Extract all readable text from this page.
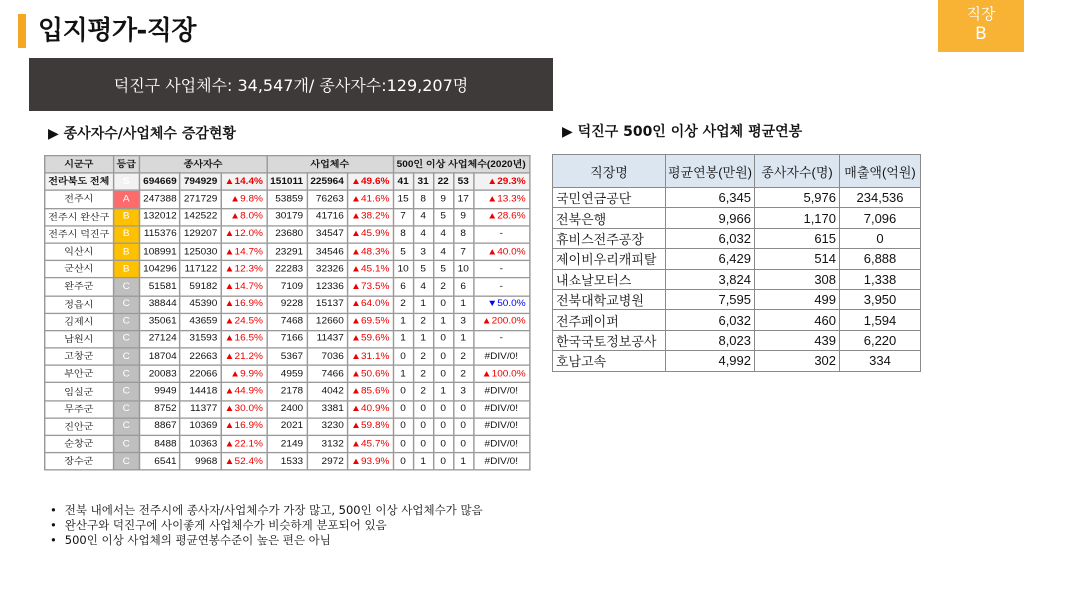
입지평가-직장
직장
B
덕진구 사업체수: 34,547개/ 종사자수:129,207명
▶ 종사자수/사업체수 증감현황	▶ 덕진구 500인 이상 사업체 평균연봉
시군구	등급	종사자수			사업체수			500인 이상 사업체수(2020년)				
전라북도 전체	S	694669	794929	▲14.4%	151011	225964	▲49.6%	41	31	22	53	▲29.3%
전주시	A	247388	271729	▲9.8%	53859	76263	▲41.6%	15	8	9	17	▲13.3%
전주시 완산구	B	132012	142522	▲8.0%	30179	41716	▲38.2%	7	4	5	9	▲28.6%
전주시 덕진구	B	115376	129207	▲12.0%	23680	34547	▲45.9%	8	4	4	8	-
익산시	B	108991	125030	▲14.7%	23291	34546	▲48.3%	5	3	4	7	▲40.0%
군산시	B	104296	117122	▲12.3%	22283	32326	▲45.1%	10	5	5	10	-
완주군	C	51581	59182	▲14.7%	7109	12336	▲73.5%	6	4	2	6	-
정읍시	C	38844	45390	▲16.9%	9228	15137	▲64.0%	2	1	0	1	▼50.0%
김제시	C	35061	43659	▲24.5%	7468	12660	▲69.5%	1	2	1	3	▲200.0%
남원시	C	27124	31593	▲16.5%	7166	11437	▲59.6%	1	1	0	1	-
고창군	C	18704	22663	▲21.2%	5367	7036	▲31.1%	0	2	0	2	#DIV/0!
부안군	C	20083	22066	▲9.9%	4959	7466	▲50.6%	1	2	0	2	▲100.0%
임실군	C	9949	14418	▲44.9%	2178	4042	▲85.6%	0	2	1	3	#DIV/0!
무주군	C	8752	11377	▲30.0%	2400	3381	▲40.9%	0	0	0	0	#DIV/0!
진안군	C	8867	10369	▲16.9%	2021	3230	▲59.8%	0	0	0	0	#DIV/0!
순창군	C	8488	10363	▲22.1%	2149	3132	▲45.7%	0	0	0	0	#DIV/0!
장수군	C	6541	9968	▲52.4%	1533	2972	▲93.9%	0	1	0	1	#DIV/0!
직장명	평균연봉(만원)	종사자수(명)	매출액(억원)
국민연금공단	6,345	5,976	234,536
전북은행	9,966	1,170	7,096
휴비스전주공장	6,032	615	0
제이비우리캐피탈	6,429	514	6,888
내쇼날모터스	3,824	308	1,338
전북대학교병원	7,595	499	3,950
전주페이퍼	6,032	460	1,594
한국국토정보공사	8,023	439	6,220
호남고속	4,992	302	334
• 전북 내에서는 전주시에 종사자/사업체수가 가장 많고, 500인 이상 사업체수가 많음
• 완산구와 덕진구에 사이좋게 사업체수가 비슷하게 분포되어 있음
• 500인 이상 사업체의 평균연봉수준이 높은 편은 아님
